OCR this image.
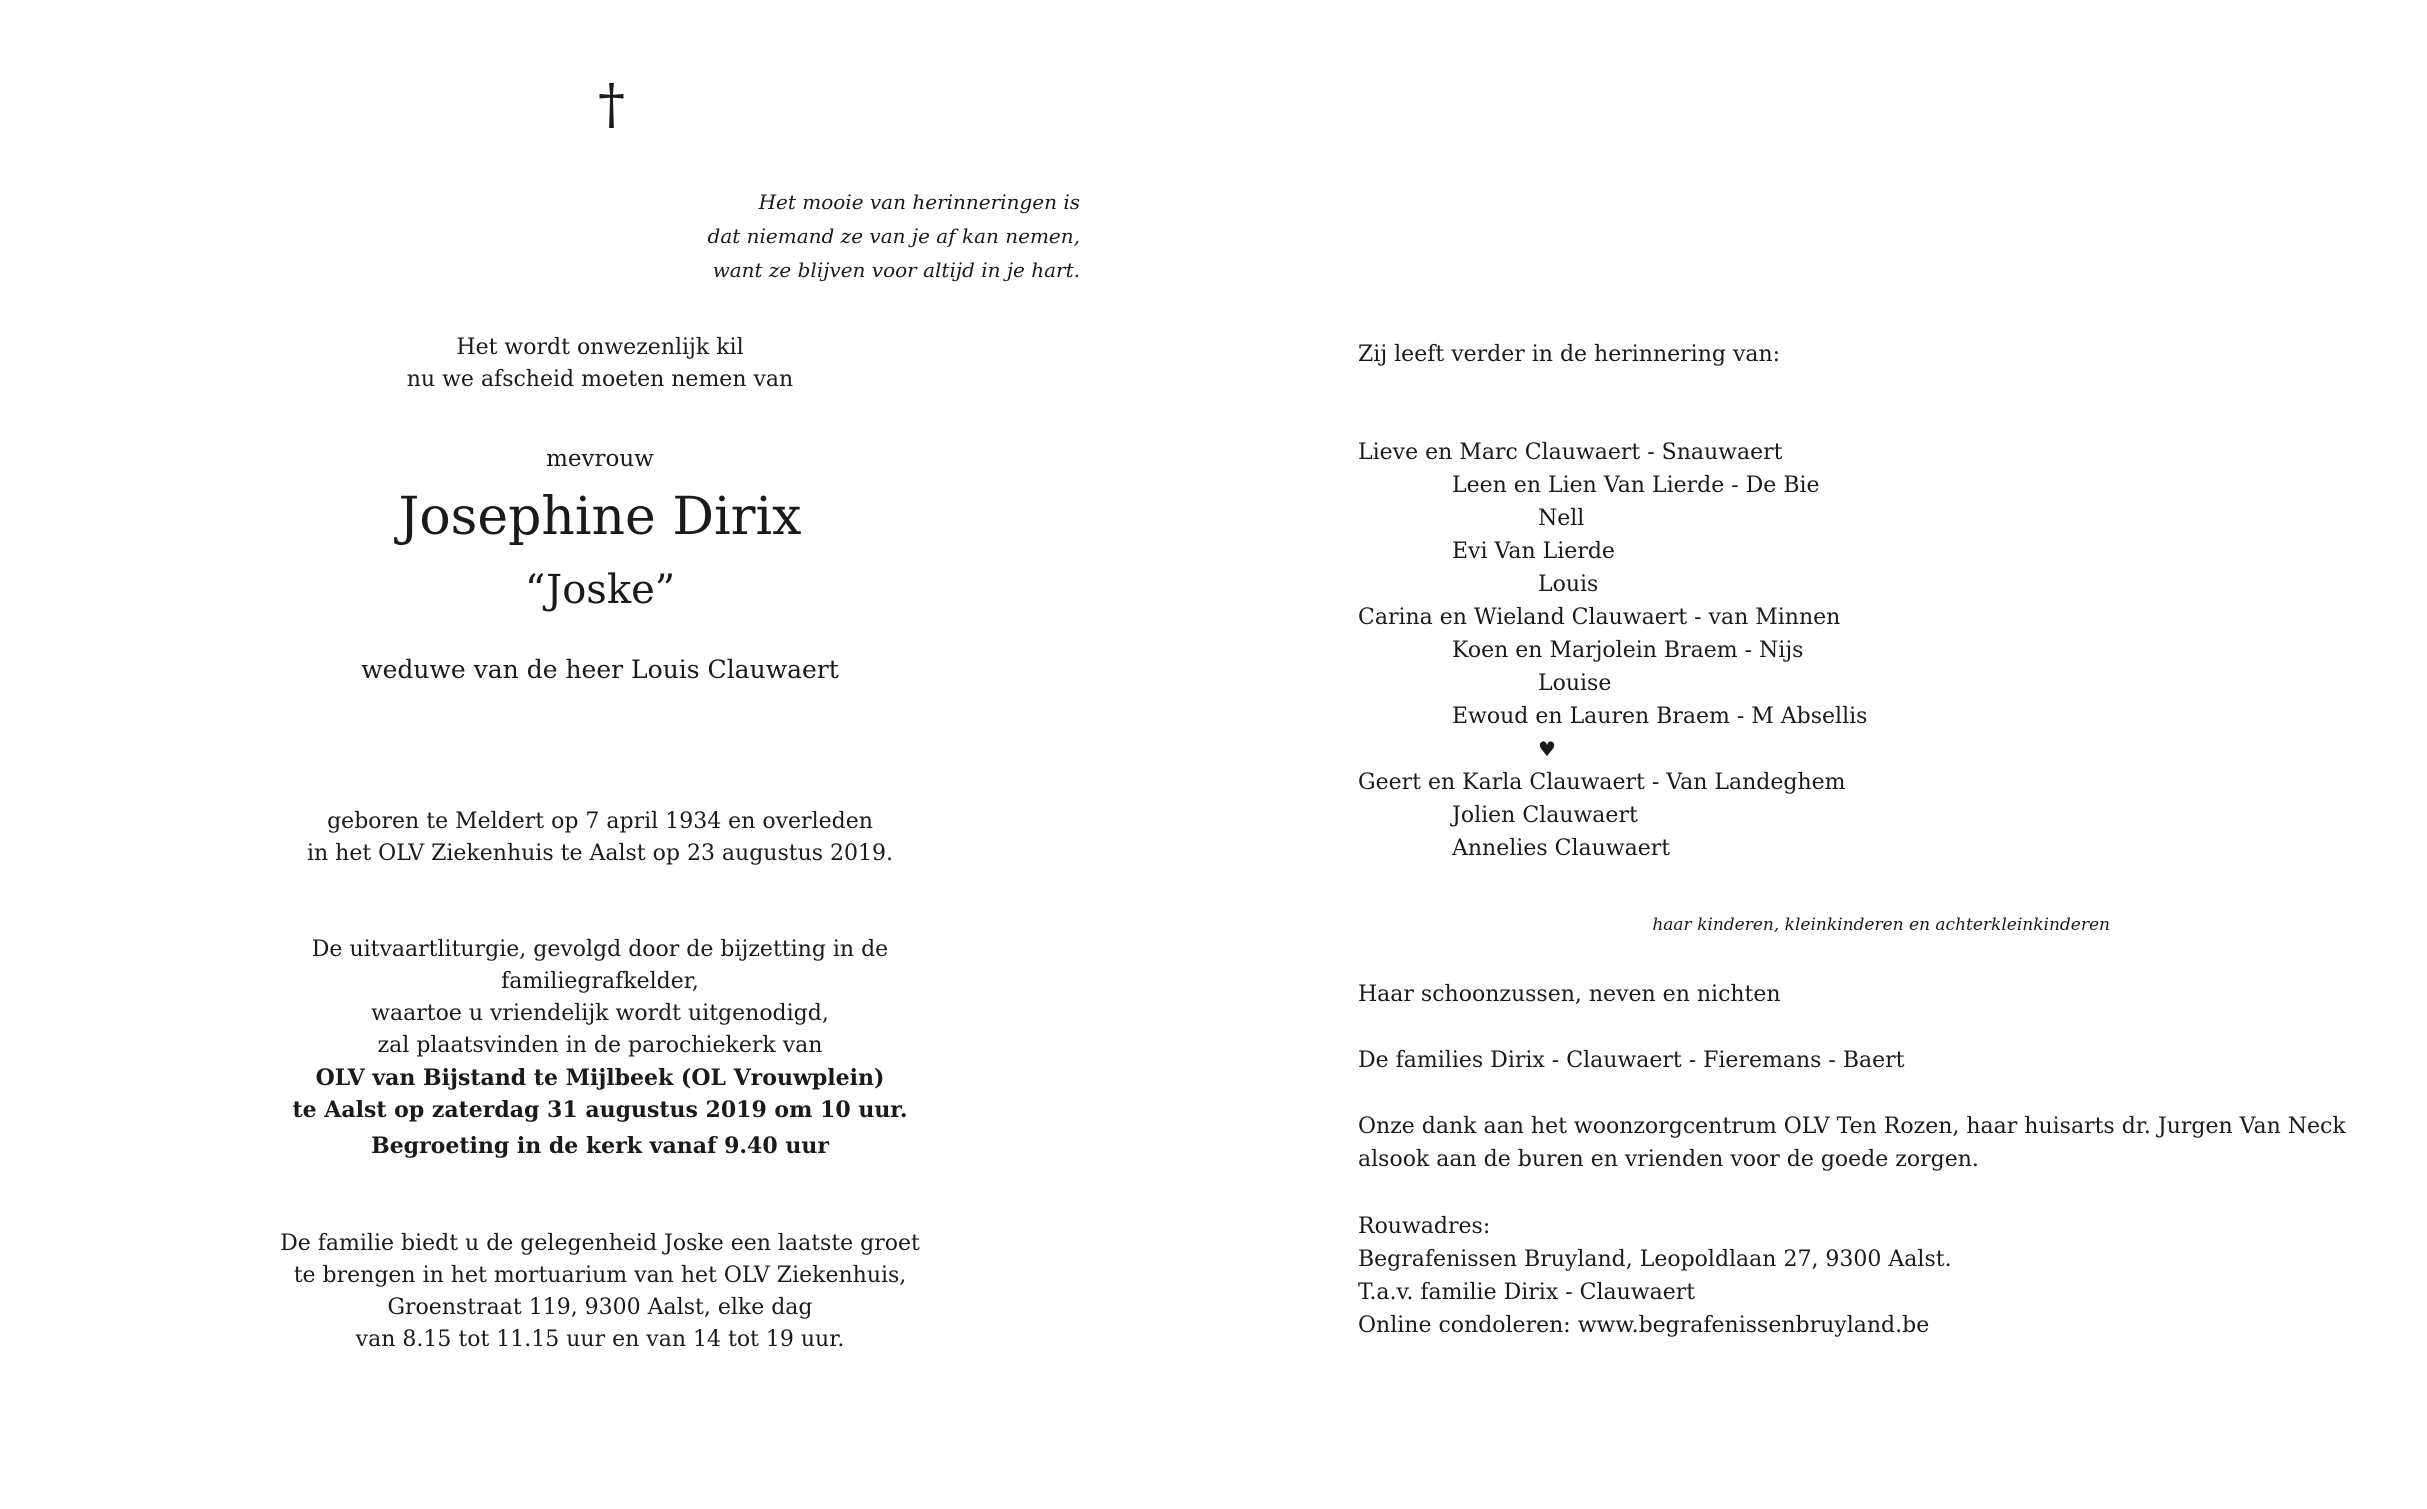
†
Het mooie van herinneringen is
dat niemand ze van je af kan nemen,
want ze blijven voor altijd in je hart.
Het wordt onwezenlijk kil
nu we afscheid moeten nemen van
mevrouw
Josephine Dirix
“Joske”
weduwe van de heer Louis Clauwaert
geboren te Meldert op 7 april 1934 en overleden
in het OLV Ziekenhuis te Aalst op 23 augustus 2019.
De uitvaartliturgie, gevolgd door de bijzetting in de familiegrafkelder,
waartoe u vriendelijk wordt uitgenodigd,
zal plaatsvinden in de parochiekerk van
OLV van Bijstand te Mijlbeek (OL Vrouwplein)
te Aalst op zaterdag 31 augustus 2019 om 10 uur.
Begroeting in de kerk vanaf 9.40 uur
De familie biedt u de gelegenheid Joske een laatste groet
te brengen in het mortuarium van het OLV Ziekenhuis,
Groenstraat 119, 9300 Aalst, elke dag
van 8.15 tot 11.15 uur en van 14 tot 19 uur.
Zij leeft verder in de herinnering van:
Lieve en Marc Clauwaert - Snauwaert
Leen en Lien Van Lierde - De Bie
Nell
Evi Van Lierde
Louis
Carina en Wieland Clauwaert - van Minnen
Koen en Marjolein Braem - Nijs
Louise
Ewoud en Lauren Braem - M Absellis
♥
Geert en Karla Clauwaert - Van Landeghem
Jolien Clauwaert
Annelies Clauwaert
haar kinderen, kleinkinderen en achterkleinkinderen
Haar schoonzussen, neven en nichten
De families Dirix - Clauwaert - Fieremans - Baert
Onze dank aan het woonzorgcentrum OLV Ten Rozen, haar huisarts dr. Jurgen Van Neck
alsook aan de buren en vrienden voor de goede zorgen.
Rouwadres:
Begrafenissen Bruyland, Leopoldlaan 27, 9300 Aalst.
T.a.v. familie Dirix - Clauwaert
Online condoleren: www.begrafenissenbruyland.be
